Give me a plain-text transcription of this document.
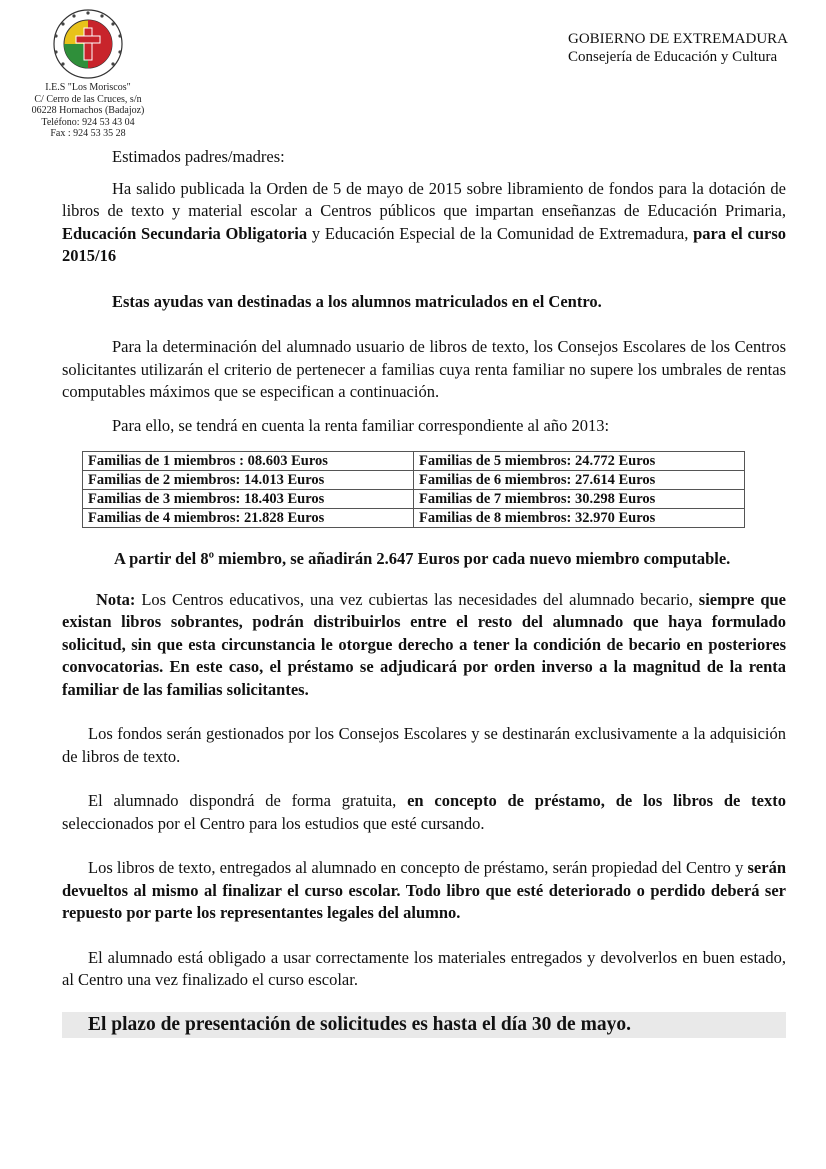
I.E.S "Los Moriscos"
C/ Cerro de las Cruces, s/n
06228 Hornachos (Badajoz)
Teléfono: 924 53 43 04
Fax : 924 53 35 28
GOBIERNO DE EXTREMADURA
Consejería de Educación y Cultura

Estimados padres/madres:

Ha salido publicada la Orden de 5 de mayo de 2015 sobre libramiento de fondos para la dotación de libros de texto y material escolar a Centros públicos que impartan enseñanzas de Educación Primaria, Educación Secundaria Obligatoria y Educación Especial de la Comunidad de Extremadura, para el curso 2015/16

Estas ayudas van destinadas a los alumnos matriculados en el Centro.

Para la determinación del alumnado usuario de libros de texto, los Consejos Escolares de los Centros solicitantes utilizarán el criterio de pertenecer a familias cuya renta familiar no supere los umbrales de rentas computables máximos que se especifican a continuación.

Para ello, se tendrá en cuenta la renta familiar correspondiente al año 2013:

Familias de 1 miembros : 08.603 Euros	Familias de 5 miembros: 24.772 Euros
Familias de 2 miembros: 14.013 Euros	Familias de 6 miembros: 27.614 Euros
Familias de 3 miembros: 18.403 Euros	Familias de 7 miembros: 30.298 Euros
Familias de 4 miembros: 21.828 Euros	Familias de 8 miembros: 32.970 Euros

A partir del 8º miembro, se añadirán 2.647 Euros por cada nuevo miembro computable.

Nota: Los Centros educativos, una vez cubiertas las necesidades del alumnado becario, siempre que existan libros sobrantes, podrán distribuirlos entre el resto del alumnado que haya formulado solicitud, sin que esta circunstancia le otorgue derecho a tener la condición de becario en posteriores convocatorias. En este caso, el préstamo se adjudicará por orden inverso a la magnitud de la renta familiar de las familias solicitantes.

Los fondos serán gestionados por los Consejos Escolares y se destinarán exclusivamente a la adquisición de libros de texto.

El alumnado dispondrá de forma gratuita, en concepto de préstamo, de los libros de texto seleccionados por el Centro para los estudios que esté cursando.

Los libros de texto, entregados al alumnado en concepto de préstamo, serán propiedad del Centro y serán devueltos al mismo al finalizar el curso escolar. Todo libro que esté deteriorado o perdido deberá ser repuesto por parte los representantes legales del alumno.

El alumnado está obligado a usar correctamente los materiales entregados y devolverlos en buen estado, al Centro una vez finalizado el curso escolar.

El plazo de presentación de solicitudes es hasta el día 30 de mayo.
